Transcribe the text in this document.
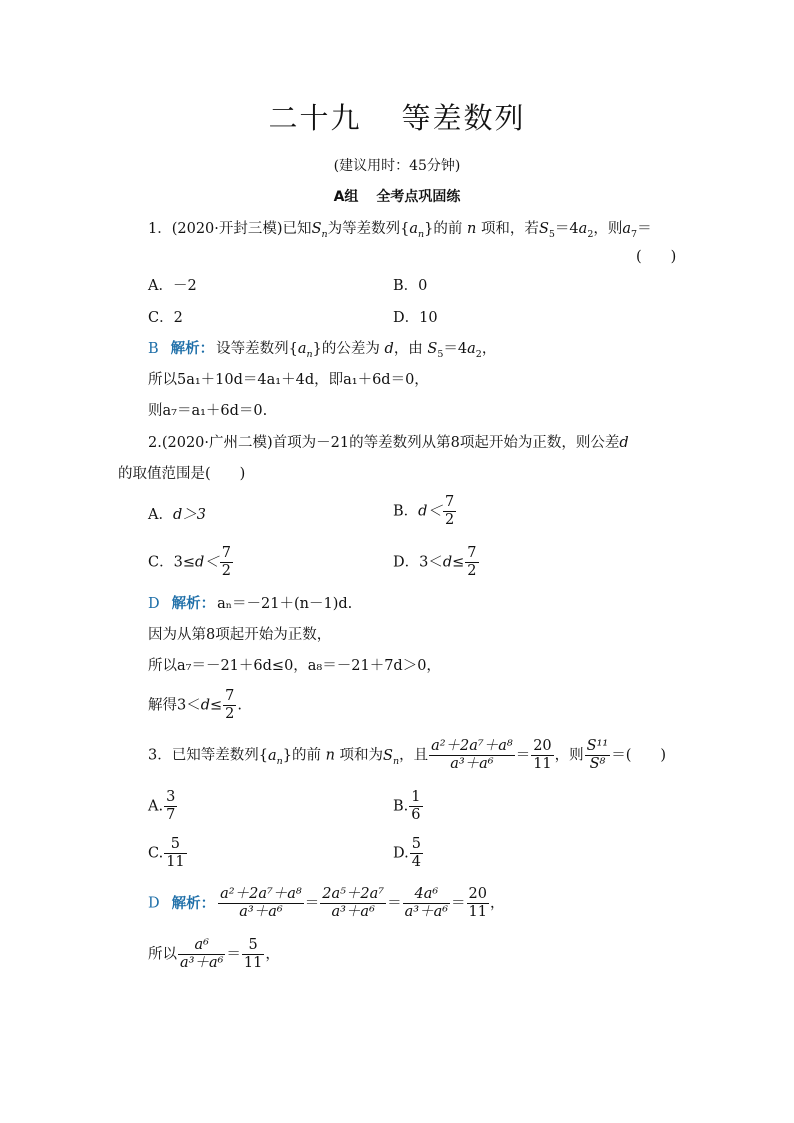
二十九 等差数列
(建议用时：45分钟)
A组 全考点巩固练
1．(2020·开封三模)已知$S_n$为等差数列$\{a_n\}$的前 n 项和，若$S_5=4a_2$，则$a_7=$
(　　)
A．－2	B．0
C．2	D．10
B 解析： 设等差数列$\{a_n\}$的公差为 d，由 $S_5=4a_2$，
所以5a₁＋10d＝4a₁＋4d，即a₁＋6d＝0，
则a₇＝a₁＋6d＝0.
2.(2020·广州二模)首项为－21的等差数列从第8项起开始为正数，则公差d
的取值范围是(　　)
A．d＞3	B．$d< \frac{7}{2}$
C．$3\le d< \frac{7}{2}$	D．$3<d\le \frac{7}{2}$
D 解析： aₙ＝－21＋(n－1)d.
因为从第8项起开始为正数，
所以a₇＝－21＋6d≤0，a₈＝－21＋7d＞0，
解得$3<d\le \frac{7}{2}$ .
3．已知等差数列$\{a_n\}$的前 n 项和为$S_n$，且 $\frac{\text{a²＋2a⁷＋a⁸}}{\text{a³＋a⁶}} = \frac{20}{11}$ ，则 $\frac{\text{S¹¹}}{\text{S⁸}}$ ＝(　　)
A. $\frac{3}{7}$	B. $\frac{1}{6}$
C. $\frac{5}{11}$	D. $\frac{5}{4}$
D 解析： $\frac{\text{a²＋2a⁷＋a⁸}}{\text{a³＋a⁶}} = \frac{\text{2a⁵＋2a⁷}}{\text{a³＋a⁶}} = \frac{\text{4a⁶}}{\text{a³＋a⁶}} = \frac{20}{11}$ ，
所以 $\frac{\text{a⁶}}{\text{a³＋a⁶}} = \frac{5}{11}$ ，
